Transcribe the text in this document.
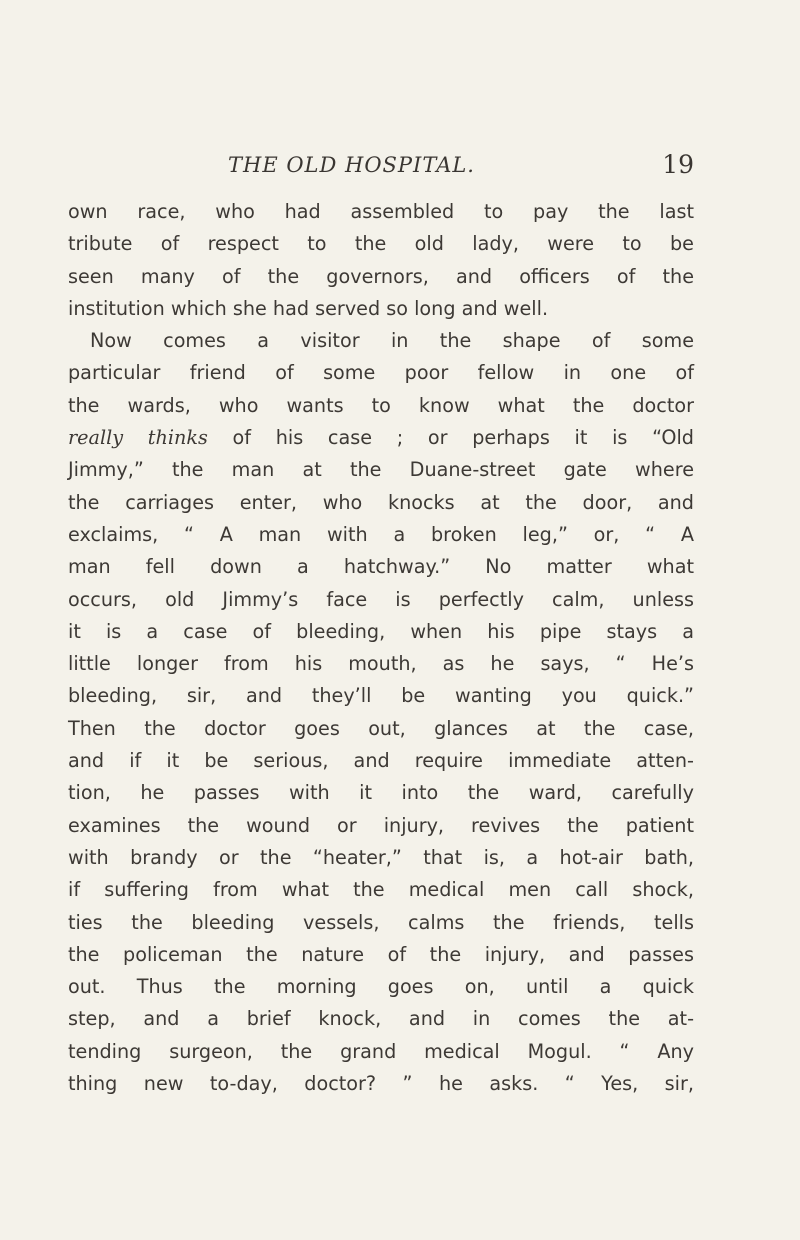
THE OLD HOSPITAL.	19
own race, who had assembled to pay the last
tribute of respect to the old lady, were to be
seen many of the governors, and officers of the
institution which she had served so long and well.
Now comes a visitor in the shape of some
particular friend of some poor fellow in one of
the wards, who wants to know what the doctor
really thinks of his case ; or perhaps it is “Old
Jimmy,” the man at the Duane-street gate where
the carriages enter, who knocks at the door, and
exclaims, “ A man with a broken leg,” or, “ A
man fell down a hatchway.” No matter what
occurs, old Jimmy’s face is perfectly calm, unless
it is a case of bleeding, when his pipe stays a
little longer from his mouth, as he says, “ He’s
bleeding, sir, and they’ll be wanting you quick.”
Then the doctor goes out, glances at the case,
and if it be serious, and require immediate atten-
tion, he passes with it into the ward, carefully
examines the wound or injury, revives the patient
with brandy or the “heater,” that is, a hot-air bath,
if suffering from what the medical men call shock,
ties the bleeding vessels, calms the friends, tells
the policeman the nature of the injury, and passes
out. Thus the morning goes on, until a quick
step, and a brief knock, and in comes the at-
tending surgeon, the grand medical Mogul. “ Any
thing new to-day, doctor? ” he asks. “ Yes, sir,
